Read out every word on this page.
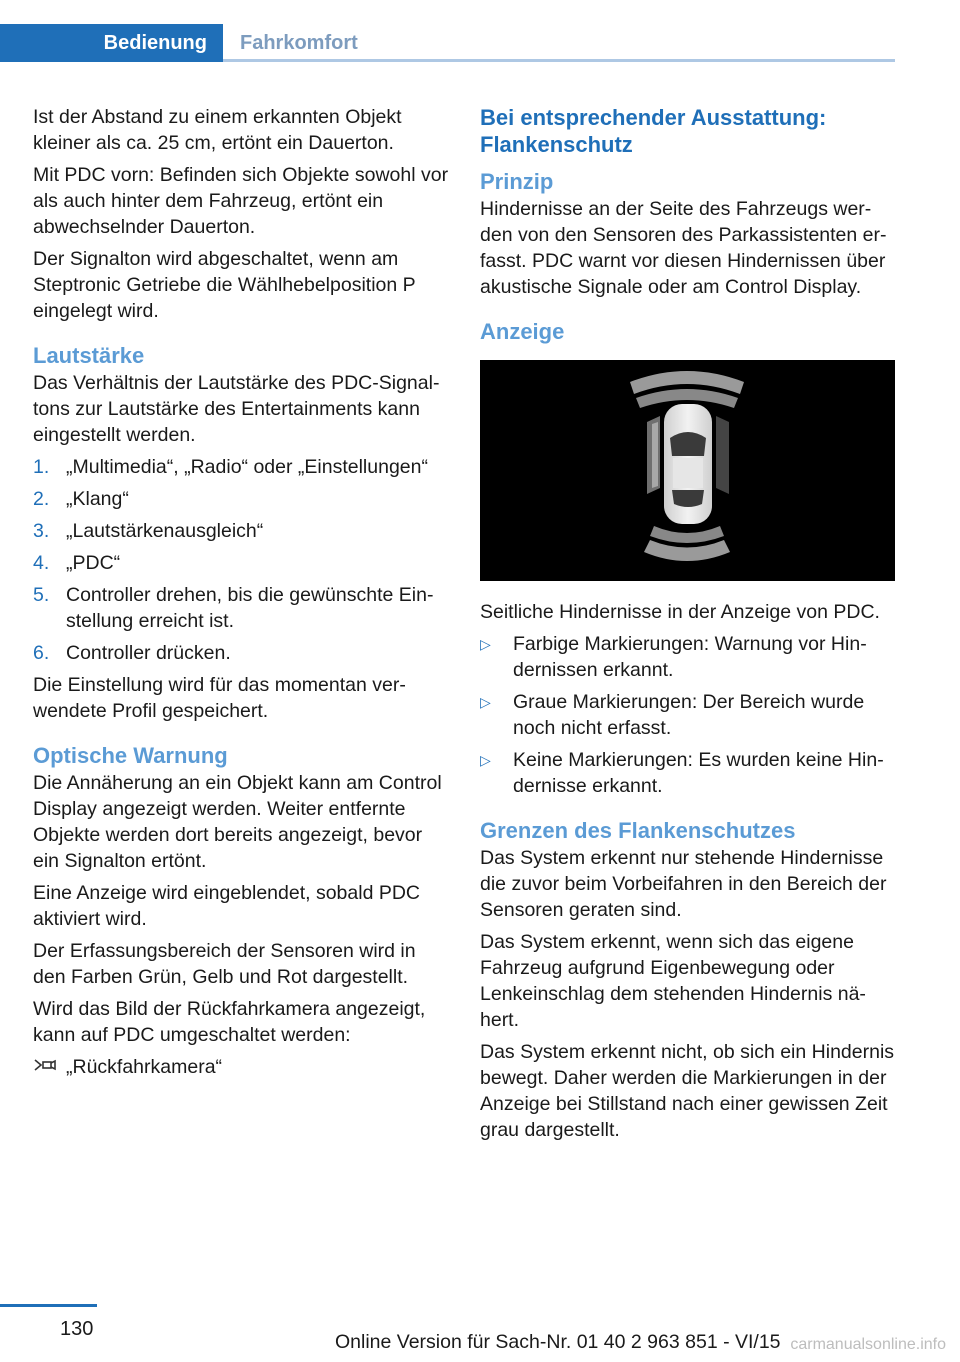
Bedienung	Fahrkomfort

Ist der Abstand zu einem erkannten Objekt kleiner als ca. 25 cm, ertönt ein Dauerton.

Mit PDC vorn: Befinden sich Objekte sowohl vor als auch hinter dem Fahrzeug, ertönt ein abwechselnder Dauerton.

Der Signalton wird abgeschaltet, wenn am Steptronic Getriebe die Wählhebelposition P eingelegt wird.

Lautstärke

Das Verhältnis der Lautstärke des PDC-Signaltons zur Lautstärke des Entertainments kann eingestellt werden.

1. „Multimedia“, „Radio“ oder „Einstellungen“
2. „Klang“
3. „Lautstärkenausgleich“
4. „PDC“
5. Controller drehen, bis die gewünschte Einstellung erreicht ist.
6. Controller drücken.

Die Einstellung wird für das momentan verwendete Profil gespeichert.

Optische Warnung

Die Annäherung an ein Objekt kann am Control Display angezeigt werden. Weiter entfernte Objekte werden dort bereits angezeigt, bevor ein Signalton ertönt.

Eine Anzeige wird eingeblendet, sobald PDC aktiviert wird.

Der Erfassungsbereich der Sensoren wird in den Farben Grün, Gelb und Rot dargestellt.

Wird das Bild der Rückfahrkamera angezeigt, kann auf PDC umgeschaltet werden:

„Rückfahrkamera“
Bei entsprechender Ausstattung: Flankenschutz
Prinzip

Hindernisse an der Seite des Fahrzeugs werden von den Sensoren des Parkassistenten erfasst. PDC warnt vor diesen Hindernissen über akustische Signale oder am Control Display.

Anzeige

Seitliche Hindernisse in der Anzeige von PDC.

▷	Farbige Markierungen: Warnung vor Hindernissen erkannt.
▷	Graue Markierungen: Der Bereich wurde noch nicht erfasst.
▷	Keine Markierungen: Es wurden keine Hindernisse erkannt.
Grenzen des Flankenschutzes

Das System erkennt nur stehende Hindernisse die zuvor beim Vorbeifahren in den Bereich der Sensoren geraten sind.

Das System erkennt, wenn sich das eigene Fahrzeug aufgrund Eigenbewegung oder Lenkeinschlag dem stehenden Hindernis nähert.

Das System erkennt nicht, ob sich ein Hindernis bewegt. Daher werden die Markierungen in der Anzeige bei Stillstand nach einer gewissen Zeit grau dargestellt.

130
Online Version für Sach-Nr. 01 40 2 963 851 - VI/15 carmanualsonline.info
